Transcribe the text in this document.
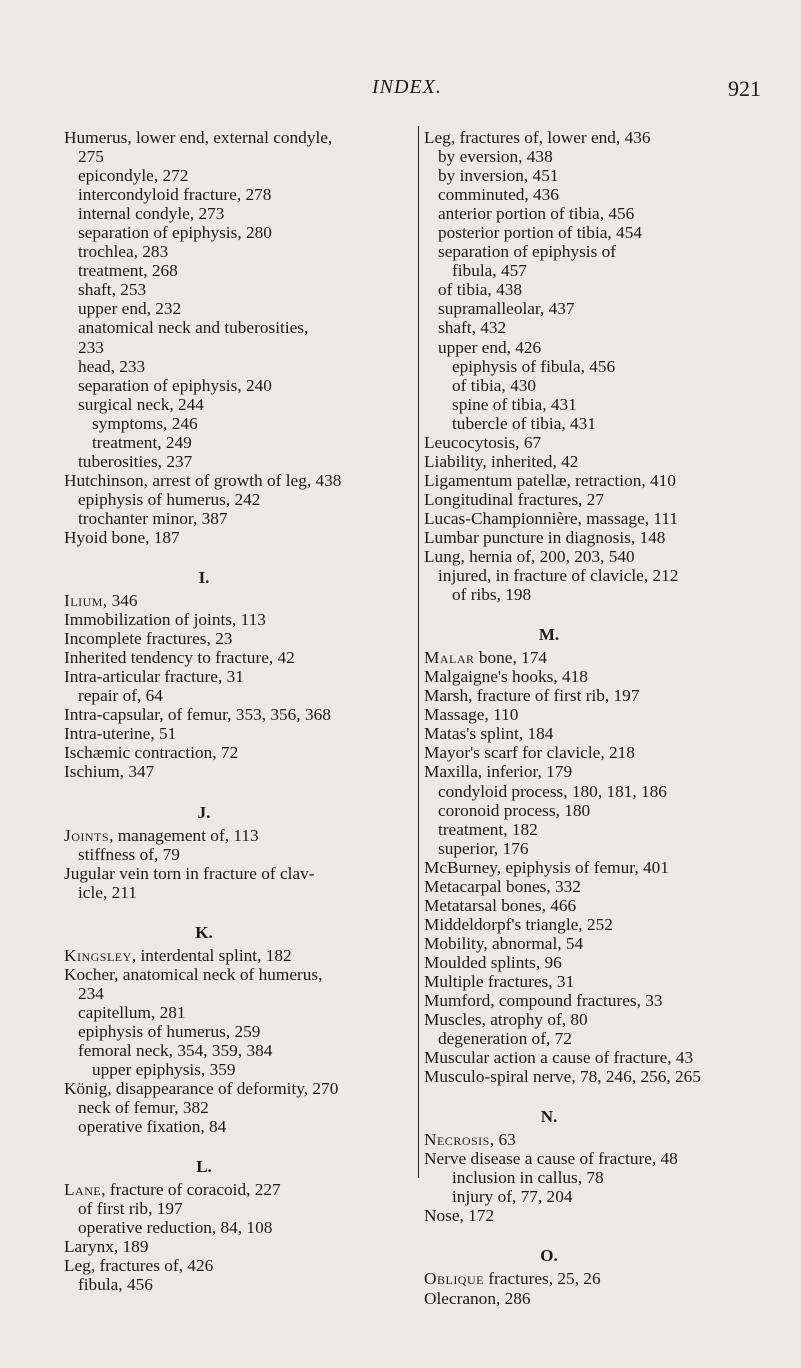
INDEX.	921
Humerus, lower end, external condyle,
275
epicondyle, 272
intercondyloid fracture, 278
internal condyle, 273
separation of epiphysis, 280
trochlea, 283
treatment, 268
shaft, 253
upper end, 232
anatomical neck and tuberosities,
233
head, 233
separation of epiphysis, 240
surgical neck, 244
symptoms, 246
treatment, 249
tuberosities, 237
Hutchinson, arrest of growth of leg, 438
epiphysis of humerus, 242
trochanter minor, 387
Hyoid bone, 187
I.
Ilium, 346
Immobilization of joints, 113
Incomplete fractures, 23
Inherited tendency to fracture, 42
Intra-articular fracture, 31
repair of, 64
Intra-capsular, of femur, 353, 356, 368
Intra-uterine, 51
Ischæmic contraction, 72
Ischium, 347
J.
Joints, management of, 113
stiffness of, 79
Jugular vein torn in fracture of clav-
icle, 211
K.
Kingsley, interdental splint, 182
Kocher, anatomical neck of humerus,
234
capitellum, 281
epiphysis of humerus, 259
femoral neck, 354, 359, 384
upper epiphysis, 359
König, disappearance of deformity, 270
neck of femur, 382
operative fixation, 84
L.
Lane, fracture of coracoid, 227
of first rib, 197
operative reduction, 84, 108
Larynx, 189
Leg, fractures of, 426
fibula, 456
Leg, fractures of, lower end, 436
by eversion, 438
by inversion, 451
comminuted, 436
anterior portion of tibia, 456
posterior portion of tibia, 454
separation of epiphysis of
fibula, 457
of tibia, 438
supramalleolar, 437
shaft, 432
upper end, 426
epiphysis of fibula, 456
of tibia, 430
spine of tibia, 431
tubercle of tibia, 431
Leucocytosis, 67
Liability, inherited, 42
Ligamentum patellæ, retraction, 410
Longitudinal fractures, 27
Lucas-Championnière, massage, 111
Lumbar puncture in diagnosis, 148
Lung, hernia of, 200, 203, 540
injured, in fracture of clavicle, 212
of ribs, 198
M.
Malar bone, 174
Malgaigne's hooks, 418
Marsh, fracture of first rib, 197
Massage, 110
Matas's splint, 184
Mayor's scarf for clavicle, 218
Maxilla, inferior, 179
condyloid process, 180, 181, 186
coronoid process, 180
treatment, 182
superior, 176
McBurney, epiphysis of femur, 401
Metacarpal bones, 332
Metatarsal bones, 466
Middeldorpf's triangle, 252
Mobility, abnormal, 54
Moulded splints, 96
Multiple fractures, 31
Mumford, compound fractures, 33
Muscles, atrophy of, 80
degeneration of, 72
Muscular action a cause of fracture, 43
Musculo-spiral nerve, 78, 246, 256, 265
N.
Necrosis, 63
Nerve disease a cause of fracture, 48
inclusion in callus, 78
injury of, 77, 204
Nose, 172
O.
Oblique fractures, 25, 26
Olecranon, 286
